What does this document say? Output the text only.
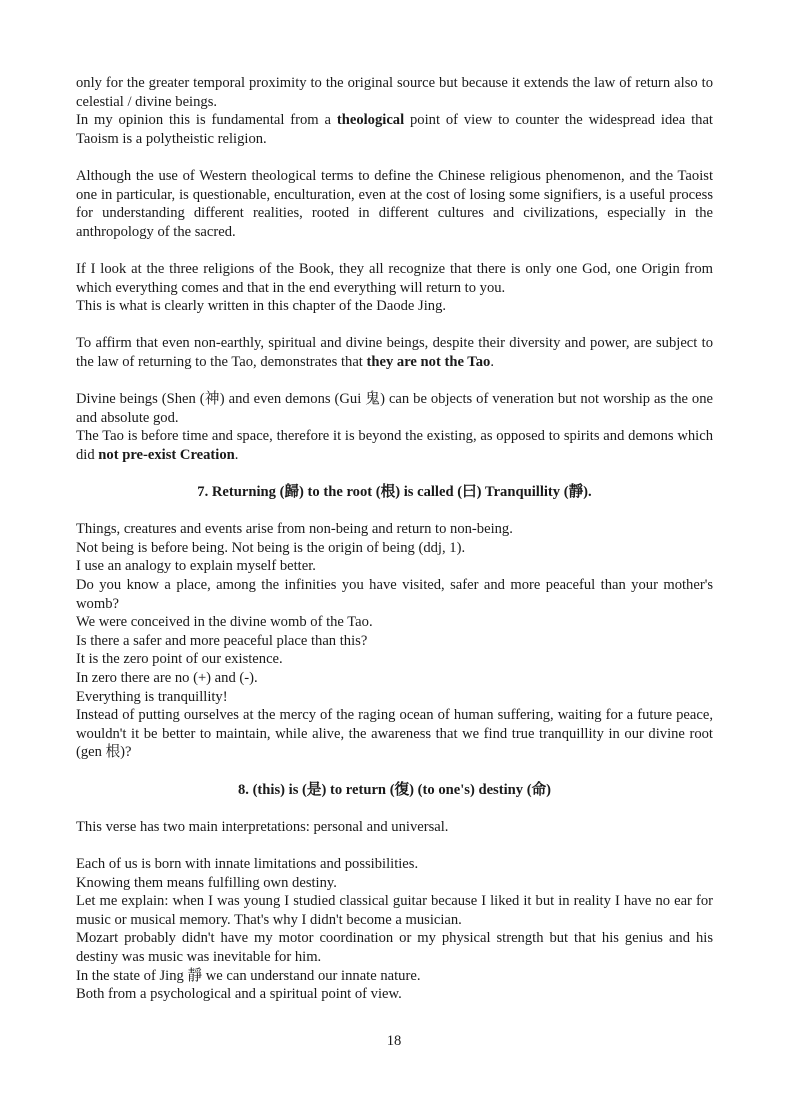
only for the greater temporal proximity to the original source but because it extends the law of return also to celestial / divine beings.

In my opinion this is fundamental from a theological point of view to counter the widespread idea that Taoism is a polytheistic religion.

Although the use of Western theological terms to define the Chinese religious phenomenon, and the Taoist one in particular, is questionable, enculturation, even at the cost of losing some signifiers, is a useful process for understanding different realities, rooted in different cultures and civilizations, especially in the anthropology of the sacred.

If I look at the three religions of the Book, they all recognize that there is only one God, one Origin from which everything comes and that in the end everything will return to you.

This is what is clearly written in this chapter of the Daode Jing.

To affirm that even non-earthly, spiritual and divine beings, despite their diversity and power, are subject to the law of returning to the Tao, demonstrates that they are not the Tao.

Divine beings (Shen (神) and even demons (Gui 鬼) can be objects of veneration but not worship as the one and absolute god.

The Tao is before time and space, therefore it is beyond the existing, as opposed to spirits and demons which did not pre-exist Creation.

7. Returning (歸) to the root (根) is called (曰) Tranquillity (靜).

Things, creatures and events arise from non-being and return to non-being.

Not being is before being. Not being is the origin of being (ddj, 1).

I use an analogy to explain myself better.

Do you know a place, among the infinities you have visited, safer and more peaceful than your mother's womb?

We were conceived in the divine womb of the Tao.

Is there a safer and more peaceful place than this?

It is the zero point of our existence.

In zero there are no (+) and (-).

Everything is tranquillity!

Instead of putting ourselves at the mercy of the raging ocean of human suffering, waiting for a future peace, wouldn't it be better to maintain, while alive, the awareness that we find true tranquillity in our divine root (gen 根)?

8. (this) is (是) to return (復) (to one's) destiny (命)

This verse has two main interpretations: personal and universal.

Each of us is born with innate limitations and possibilities.

Knowing them means fulfilling own destiny.

Let me explain: when I was young I studied classical guitar because I liked it but in reality I have no ear for music or musical memory. That's why I didn't become a musician.

Mozart probably didn't have my motor coordination or my physical strength but that his genius and his destiny was music was inevitable for him.

In the state of Jing 靜 we can understand our innate nature.

Both from a psychological and a spiritual point of view.

18
